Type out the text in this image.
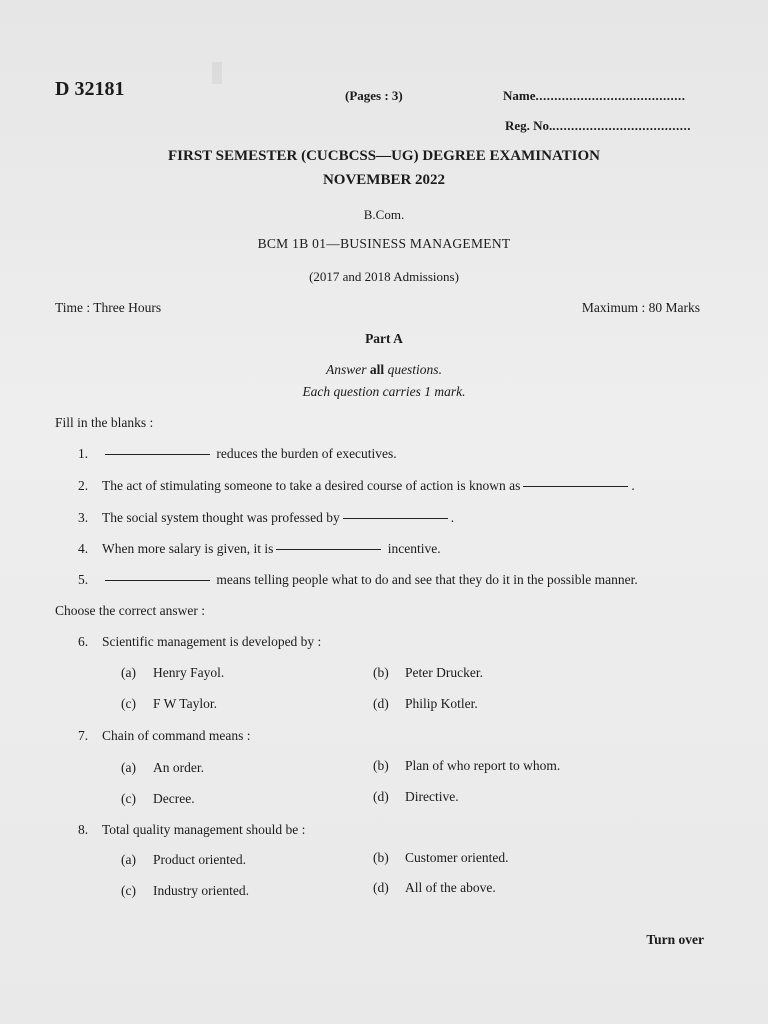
D 32181	(Pages : 3)	Name........................................
Reg. No......................................
FIRST SEMESTER (CUCBCSS—UG) DEGREE EXAMINATION
NOVEMBER 2022
B.Com.
BCM 1B 01—BUSINESS MANAGEMENT
(2017 and 2018 Admissions)
Time : Three Hours	Maximum : 80 Marks
Part A
Answer all questions.
Each question carries 1 mark.
Fill in the blanks :
1.	reduces the burden of executives.
2. The act of stimulating someone to take a desired course of action is known as	.
3. The social system thought was professed by	.
4. When more salary is given, it is	incentive.
5.	means telling people what to do and see that they do it in the possible manner.
Choose the correct answer :
6. Scientific management is developed by :
(a) Henry Fayol.	(b) Peter Drucker.
(c) F W Taylor.	(d) Philip Kotler.
7. Chain of command means :
(a) An order.	(b) Plan of who report to whom.
(c) Decree.	(d) Directive.
8. Total quality management should be :
(a) Product oriented.	(b) Customer oriented.
(c) Industry oriented.	(d) All of the above.
Turn over
